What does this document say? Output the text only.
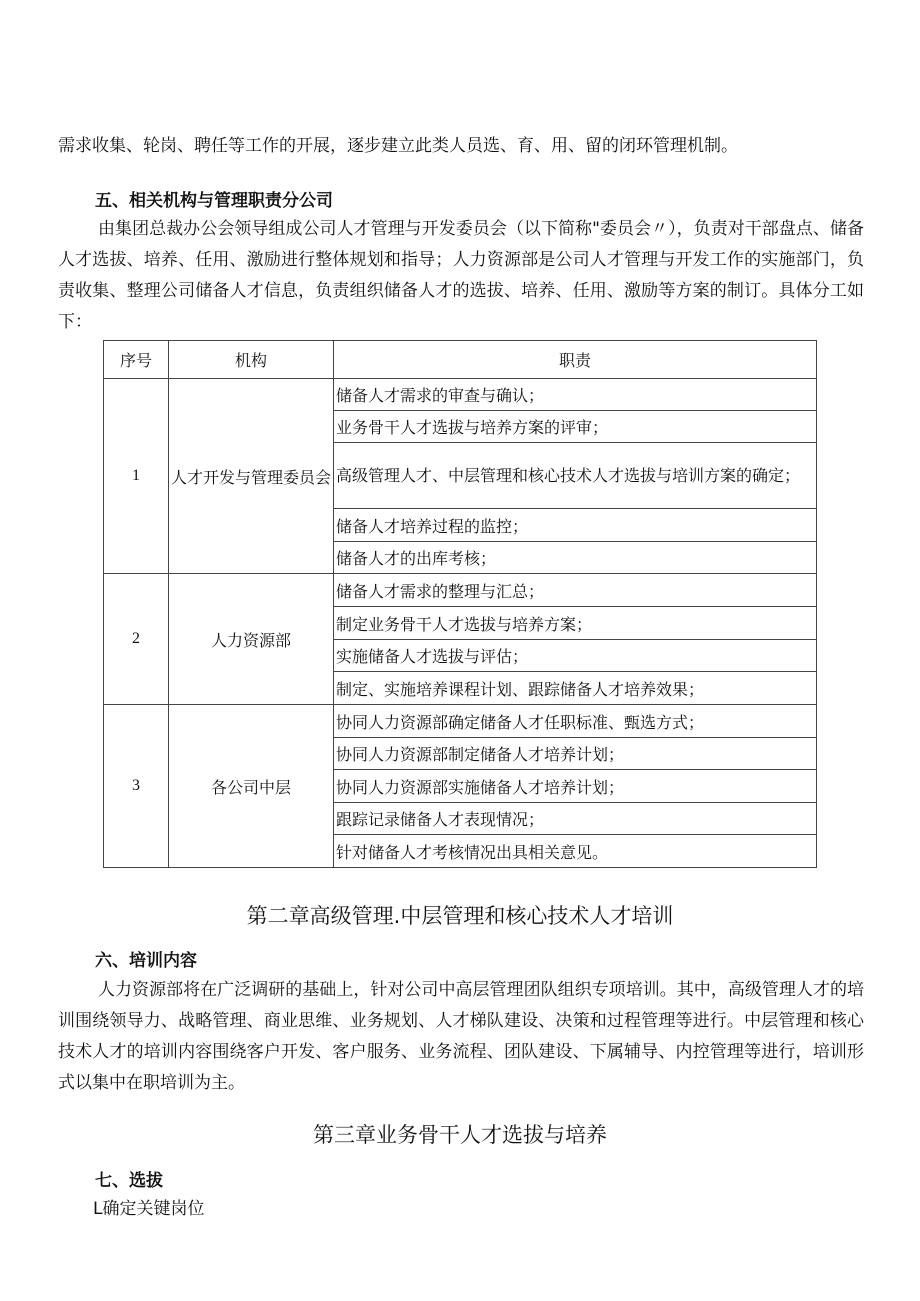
需求收集、轮岗、聘任等工作的开展，逐步建立此类人员选、育、用、留的闭环管理机制。
五、相关机构与管理职责分公司
由集团总裁办公会领导组成公司人才管理与开发委员会（以下简称"委员会〃），负责对干部盘点、储备人才选拔、培养、任用、激励进行整体规划和指导；人力资源部是公司人才管理与开发工作的实施部门，负责收集、整理公司储备人才信息，负责组织储备人才的选拔、培养、任用、激励等方案的制订。具体分工如下：
序号	机构	职责
1	人才开发与管理委员会	储备人才需求的审查与确认；
		业务骨干人才选拔与培养方案的评审；
		高级管理人才、中层管理和核心技术人才选拔与培训方案的确定；
		储备人才培养过程的监控；
		储备人才的出库考核；
2	人力资源部	储备人才需求的整理与汇总；
		制定业务骨干人才选拔与培养方案；
		实施储备人才选拔与评估；
		制定、实施培养课程计划、跟踪储备人才培养效果；
3	各公司中层	协同人力资源部确定储备人才任职标准、甄选方式；
		协同人力资源部制定储备人才培养计划；
		协同人力资源部实施储备人才培养计划；
		跟踪记录储备人才表现情况；
		针对储备人才考核情况出具相关意见。
第二章高级管理.中层管理和核心技术人才培训
六、培训内容
人力资源部将在广泛调研的基础上，针对公司中高层管理团队组织专项培训。其中，高级管理人才的培训围绕领导力、战略管理、商业思维、业务规划、人才梯队建设、决策和过程管理等进行。中层管理和核心技术人才的培训内容围绕客户开发、客户服务、业务流程、团队建设、下属辅导、内控管理等进行，培训形式以集中在职培训为主。
第三章业务骨干人才选拔与培养
七、选拔
L确定关键岗位
